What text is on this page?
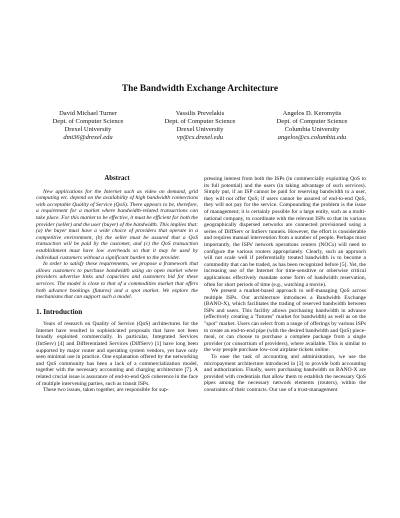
The Bandwidth Exchange Architecture
David Michael Turner
Dept. of Computer Science
Drexel University
dmt36@drexel.edu
Vassilis Prevelakis
Dept. of Computer Science
Drexel University
vp@cs.drexel.edu
Angelos D. Keromytis
Dept. of Computer Science
Columbia University
angelos@cs.columbia.edu
Abstract

New applications for the Internet such as video on demand, grid computing etc. depend on the availability of high bandwidth connections with acceptable Quality of Service (QoS). There appears to be, therefore, a requirement for a market where bandwidth-related transactions can take place. For this market to be effective, it must be efficient for both the provider (seller) and the user (buyer) of the bandwidth. This implies that: (a) the buyer must have a wide choice of providers that operate in a competitive environment, (b) the seller must be assured that a QoS transaction will be paid by the customer, and (c) the QoS transaction establishment must have low overheads so that it may be used by individual customers without a significant burden to the provider.

In order to satisfy these requirements, we propose a framework that allows customers to purchase bandwidth using an open market where providers advertise links and capacities and customers bid for these services. The model is close to that of a commodities market that offers both advance bookings (futures) and a spot market. We explore the mechanisms that can support such a model.

1. Introduction

Years of research on Quality of Service (QoS) architectures for the Internet have resulted in sophisticated proposals that have not been broadly exploited commercially. In particular, Integrated Services (IntServ) [4] and Differentiated Services (DiffServ) [1] have long been supported by major router and operating system vendors, yet have only seen minimal use in practice. One explanation offered by the networking and QoS community has been a lack of a commercialization model, together with the necessary accounting and charging architecture [7]. A related crucial issue is assurance of end-to-end QoS coherence in the face of multiple intervening parties, such as transit ISPs.

These two issues, taken together, are responsible for sup-

pressing interest from both the ISPs (in commercially exploiting QoS to its full potential) and the users (in taking advantage of such services). Simply put, if an ISP cannot be paid for reserving bandwidth to a user, they will not offer QoS; if users cannot be assured of end-to-end QoS, they will not pay for the service. Compounding the problem is the issue of management; it is certainly possible for a large entity, such as a multi-national company, to coordinate with the relevant ISPs so that its various geographically dispersed networks are connected provisioned using a series of DiffServ or IntServ tunnels. However, the effort is considerable and requires manual intervention from a number of people. Perhaps most importantly, the ISPs' network operations centers (NOCs) will need to configure the various routers appropriately. Clearly, such an approach will not scale well if preferentially treated bandwidth is to become a commodity that can be traded, as has been recognized before [5]. Yet, the increasing use of the Internet for time-sensitive or otherwise critical applications effectively mandate some form of bandwidth reservation, often for short periods of time (e.g., watching a movie).

We present a market-based approach to self-managing QoS across multiple ISPs. Our architecture introduces a Bandwidth Exchange (BANO-X), which facilitates the trading of reserved bandwidth between ISPs and users. This facility allows purchasing bandwidth in advance (effectively creating a "futures" market for bandwidth) as well as on the "spot" market. Users can select from a range of offerings by various ISPs to create an end-to-end pipe (with the desired bandwidth and QoS) piece-meal, or can choose to purchase a complete package from a single provider (or consortium of providers), where available. This is similar to the way people purchase low-cost airplane tickets online.

To ease the task of accounting and administration, we use the micropayment architecture introduced in [3] to provide both accounting and authorization. Finally, users purchasing bandwidth on BANO-X are provided with credentials that allow them to establish the necessary QoS pipes among the necessary network elements (routers), within the constraints of their contracts. Our use of a trust-management
